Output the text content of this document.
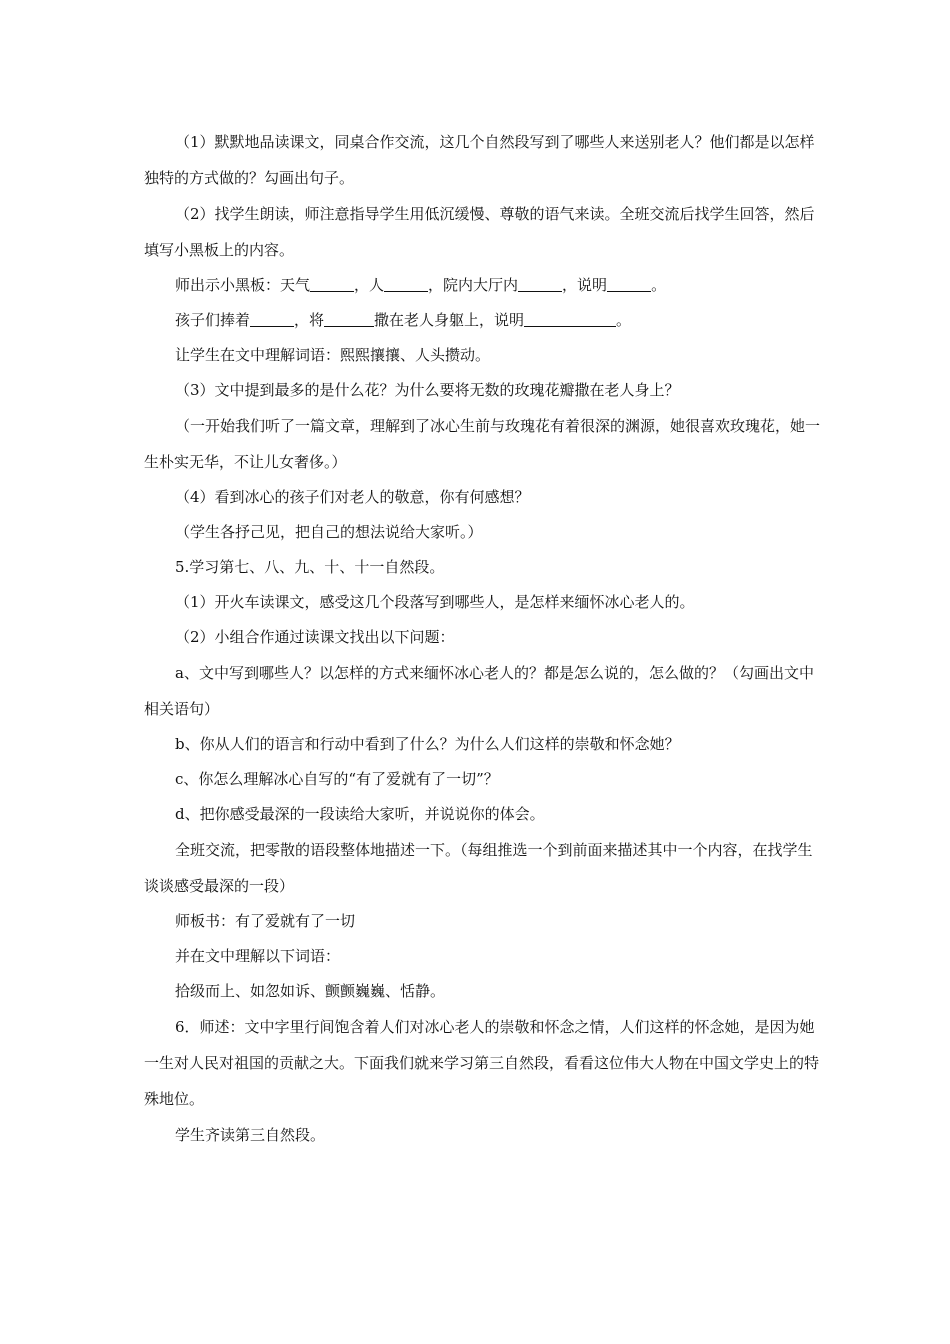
（1）默默地品读课文，同桌合作交流，这几个自然段写到了哪些人来送别老人？他们都是以怎样独特的方式做的？勾画出句子。

（2）找学生朗读，师注意指导学生用低沉缓慢、尊敬的语气来读。全班交流后找学生回答，然后填写小黑板上的内容。

师出示小黑板：天气	，人	，院内大厅内	，说明	。

孩子们捧着	，将	撒在老人身躯上，说明	。

让学生在文中理解词语：熙熙攘攘、人头攒动。

（3）文中提到最多的是什么花？为什么要将无数的玫瑰花瓣撒在老人身上？

（一开始我们听了一篇文章，理解到了冰心生前与玫瑰花有着很深的渊源，她很喜欢玫瑰花，她一生朴实无华，不让儿女奢侈。）

（4）看到冰心的孩子们对老人的敬意，你有何感想？

（学生各抒己见，把自己的想法说给大家听。）

5.学习第七、八、九、十、十一自然段。

（1）开火车读课文，感受这几个段落写到哪些人，是怎样来缅怀冰心老人的。

（2）小组合作通过读课文找出以下问题：

a、文中写到哪些人？以怎样的方式来缅怀冰心老人的？都是怎么说的，怎么做的？（勾画出文中相关语句）

b、你从人们的语言和行动中看到了什么？为什么人们这样的崇敬和怀念她？

c、你怎么理解冰心自写的“有了爱就有了一切”？

d、把你感受最深的一段读给大家听，并说说你的体会。

全班交流，把零散的语段整体地描述一下。（每组推选一个到前面来描述其中一个内容，在找学生谈谈感受最深的一段）

师板书：有了爱就有了一切

并在文中理解以下词语：

拾级而上、如忽如诉、颤颤巍巍、恬静。

6．师述：文中字里行间饱含着人们对冰心老人的崇敬和怀念之情，人们这样的怀念她，是因为她一生对人民对祖国的贡献之大。下面我们就来学习第三自然段，看看这位伟大人物在中国文学史上的特殊地位。

学生齐读第三自然段。
